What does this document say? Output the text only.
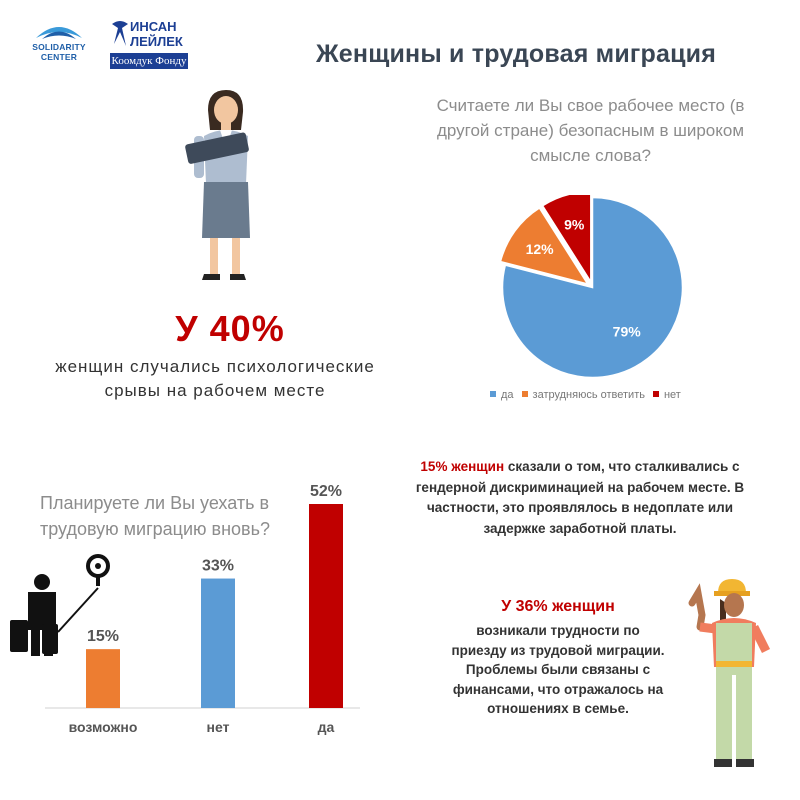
SOLIDARITY
CENTER
ИНСАН
ЛЕЙЛЕК
Коомдук Фонду	Женщины и трудовая миграция
У 40%
женщин случались психологические срывы на рабочем месте
Считаете ли Вы свое рабочее место (в другой стране) безопасным в широком смысле слова?
79%
12%
9%
да затрудняюсь ответить нет
Планируете ли Вы уехать в трудовую миграцию вновь?
15%
возможно
33%
нет
52%
да
15% женщин сказали о том, что сталкивались с гендерной дискриминацией на рабочем месте. В частности, это проявлялось в недоплате или задержке заработной платы.
У 36% женщин
возникали трудности по приезду из трудовой миграции. Проблемы были связаны с финансами, что отражалось на отношениях в семье.
